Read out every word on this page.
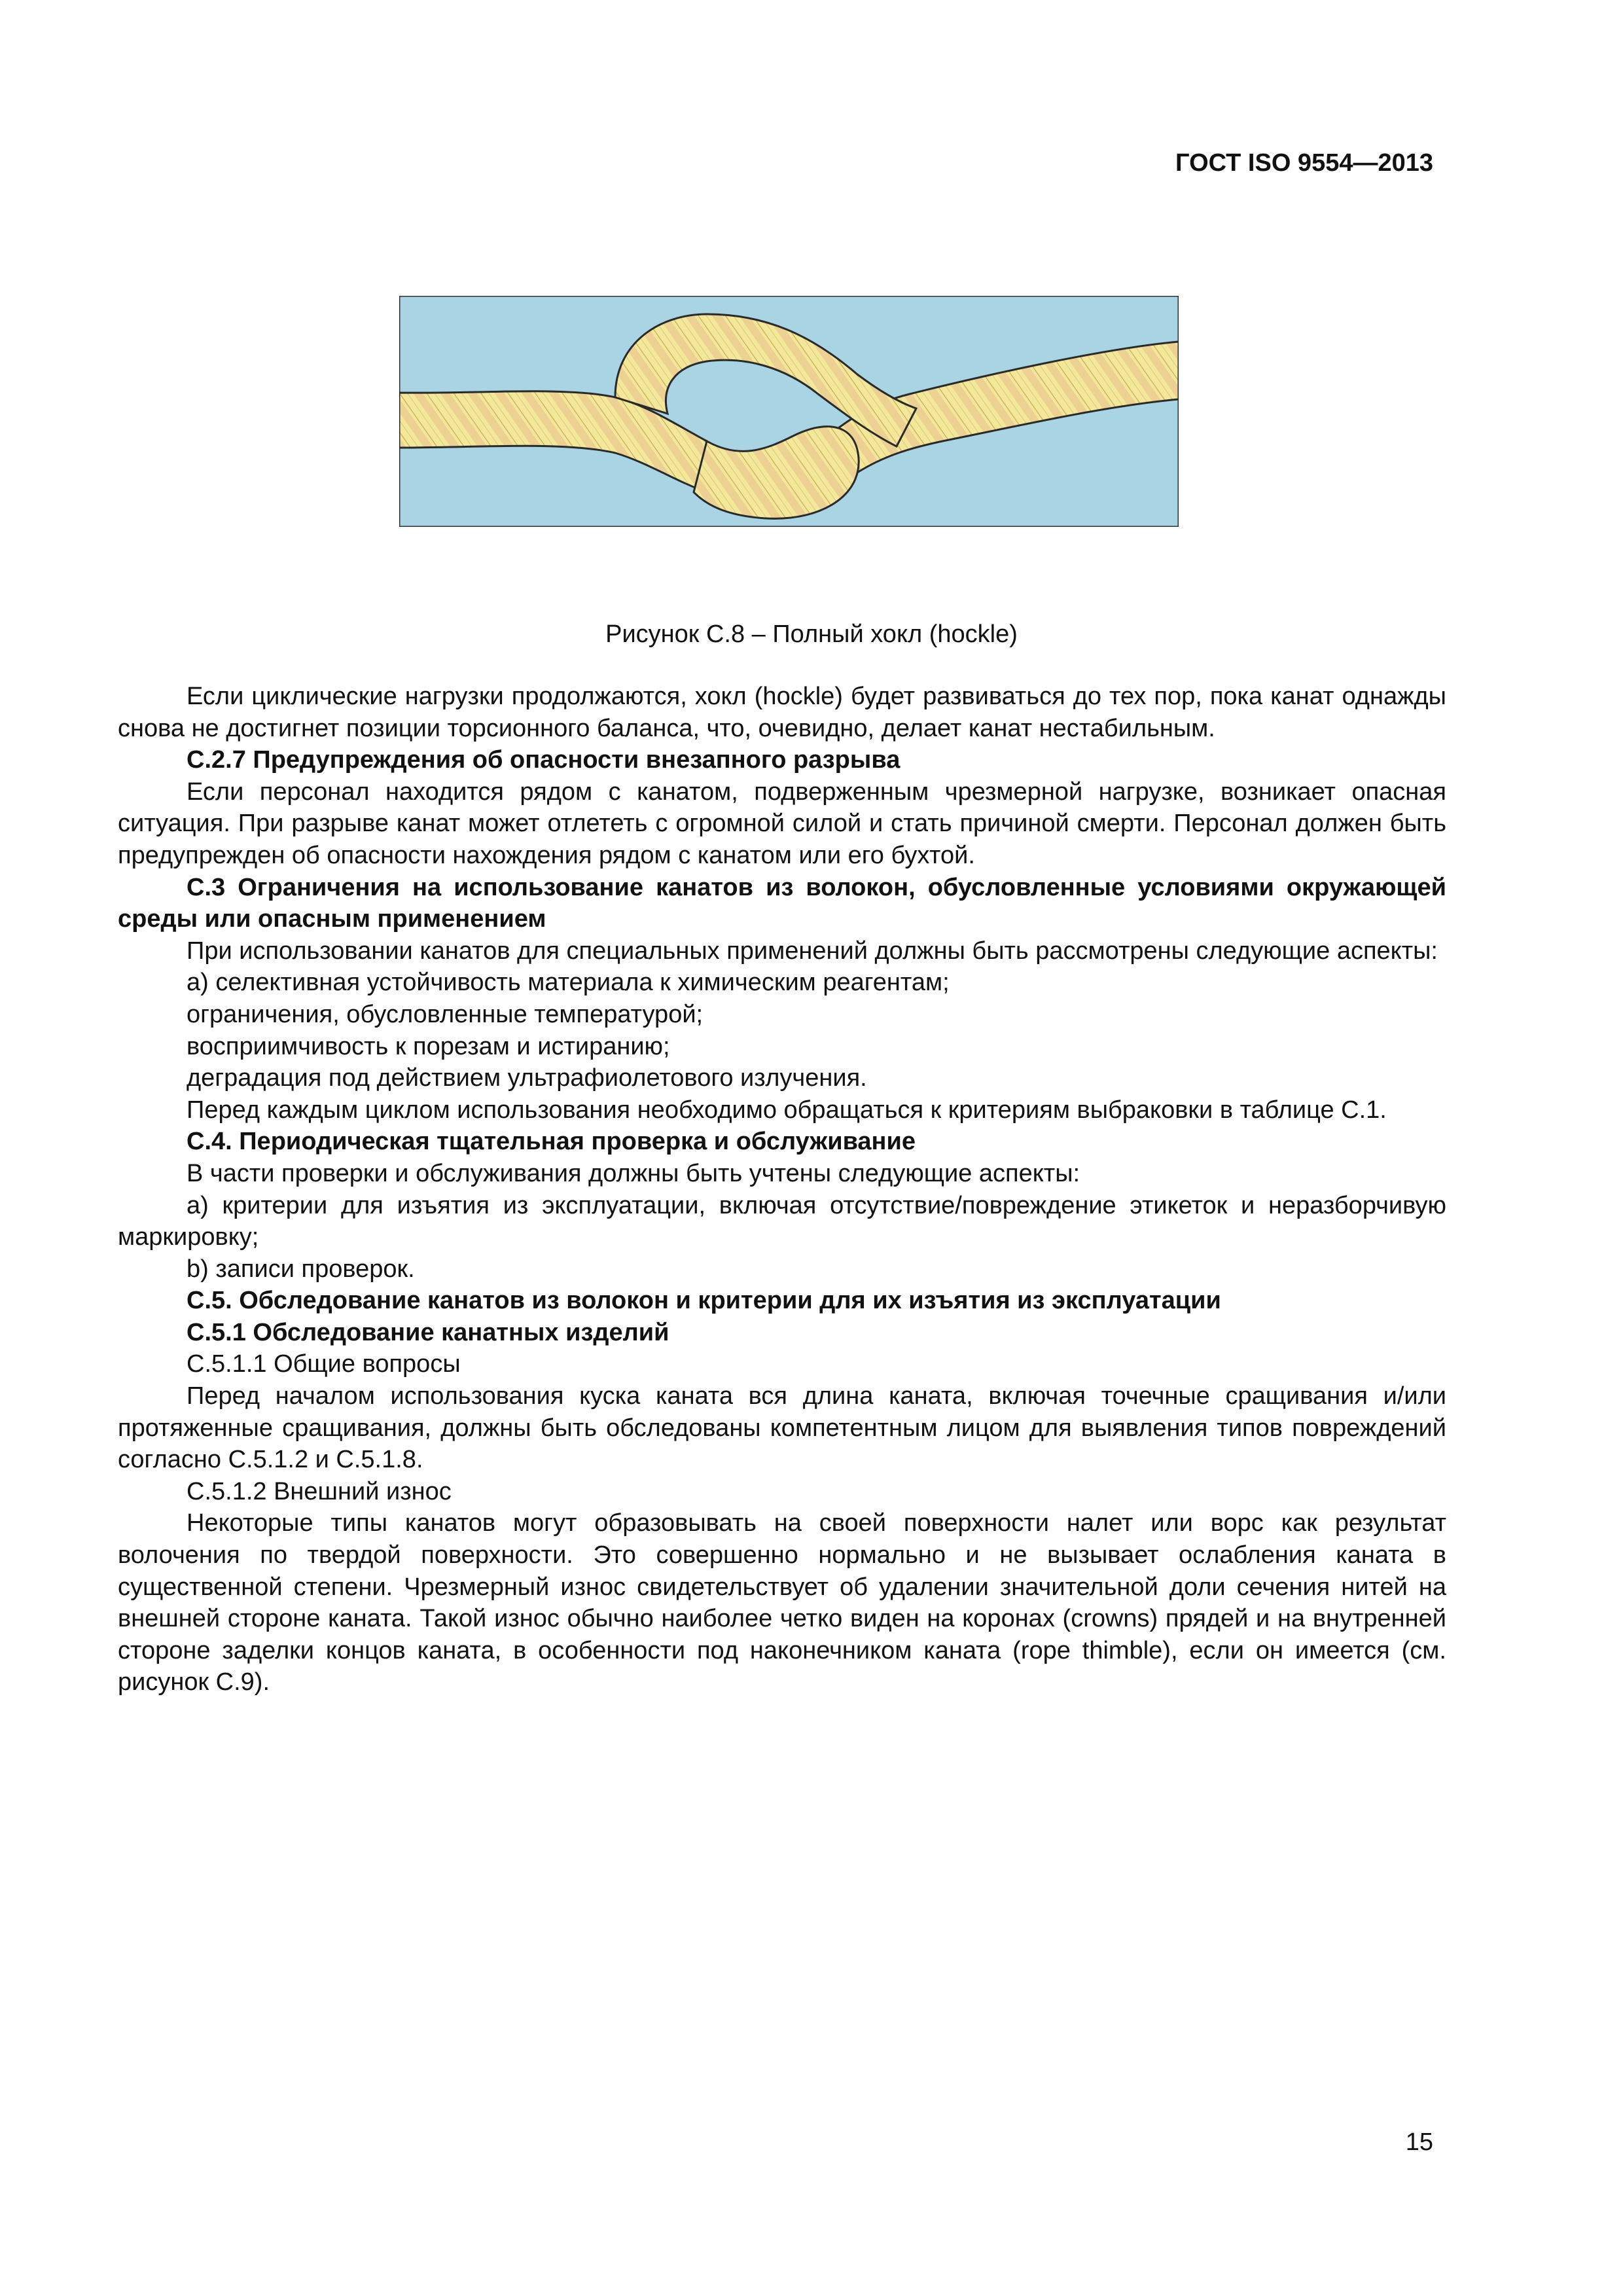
ГОСТ ISO 9554—2013
Рисунок С.8 – Полный хокл (hockle)

Если циклические нагрузки продолжаются, хокл (hockle) будет развиваться до тех пор, пока канат однажды снова не достигнет позиции торсионного баланса, что, очевидно, делает канат нестабильным.

С.2.7 Предупреждения об опасности внезапного разрыва

Если персонал находится рядом с канатом, подверженным чрезмерной нагрузке, возникает опасная ситуация. При разрыве канат может отлететь с огромной силой и стать причиной смерти. Персонал должен быть предупрежден об опасности нахождения рядом с канатом или его бухтой.

С.3 Ограничения на использование канатов из волокон, обусловленные условиями окружающей среды или опасным применением

При использовании канатов для специальных применений должны быть рассмотрены следующие аспекты:

a) селективная устойчивость материала к химическим реагентам;

ограничения, обусловленные температурой;

восприимчивость к порезам и истиранию;

деградация под действием ультрафиолетового излучения.

Перед каждым циклом использования необходимо обращаться к критериям выбраковки в таблице С.1.

С.4. Периодическая тщательная проверка и обслуживание

В части проверки и обслуживания должны быть учтены следующие аспекты:

a) критерии для изъятия из эксплуатации, включая отсутствие/повреждение этикеток и неразборчивую маркировку;

b) записи проверок.

С.5. Обследование канатов из волокон и критерии для их изъятия из эксплуатации

С.5.1 Обследование канатных изделий

С.5.1.1 Общие вопросы

Перед началом использования куска каната вся длина каната, включая точечные сращивания и/или протяженные сращивания, должны быть обследованы компетентным лицом для выявления типов повреждений согласно С.5.1.2 и С.5.1.8.

С.5.1.2 Внешний износ

Некоторые типы канатов могут образовывать на своей поверхности налет или ворс как результат волочения по твердой поверхности. Это совершенно нормально и не вызывает ослабления каната в существенной степени. Чрезмерный износ свидетельствует об удалении значительной доли сечения нитей на внешней стороне каната. Такой износ обычно наиболее четко виден на коронах (crowns) прядей и на внутренней стороне заделки концов каната, в особенности под наконечником каната (rope thimble), если он имеется (см. рисунок С.9).

15
